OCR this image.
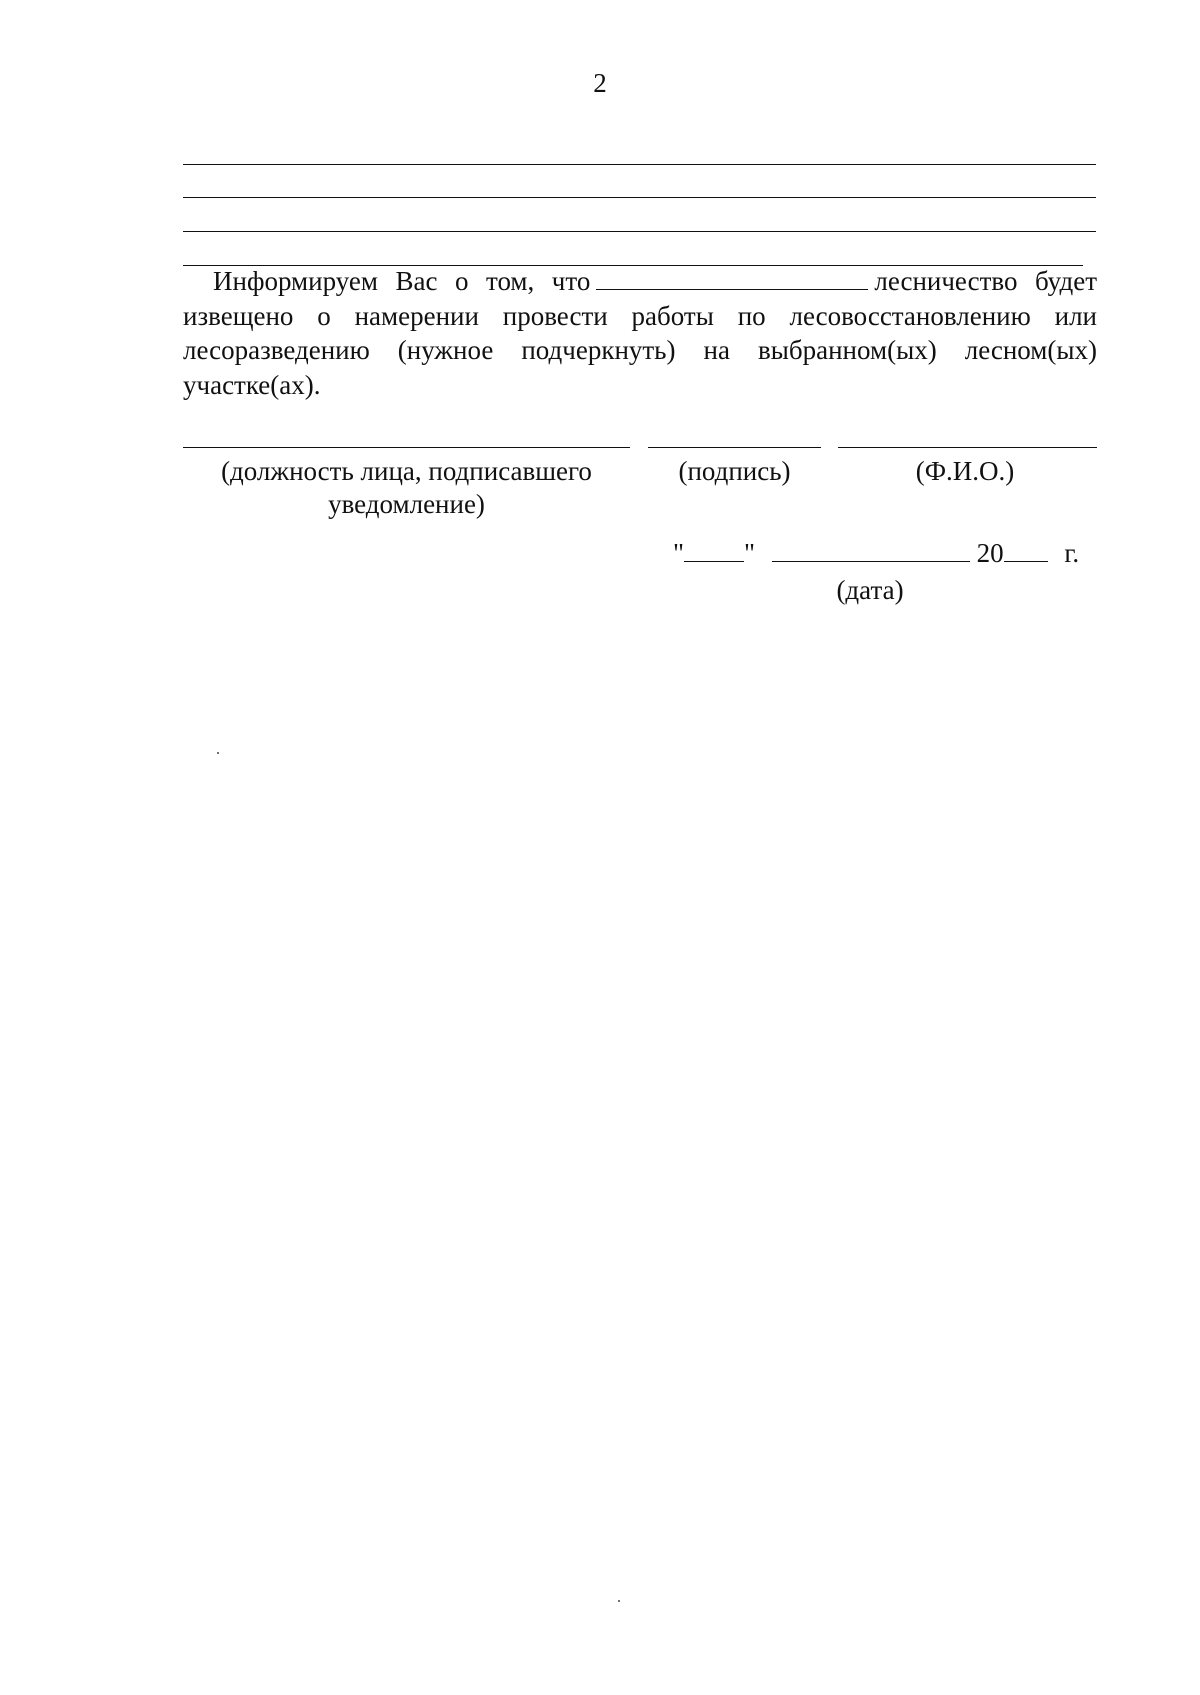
2

Информируем Вас о том, что	лесничество будет извещено о намерении провести работы по лесовосстановлению или лесоразведению (нужное подчеркнуть) на выбранном(ых) лесном(ых) участке(ах).

(должность лица, подписавшего
уведомление)
(подпись)	(Ф.И.О.)
" "	20 г.
(дата)
